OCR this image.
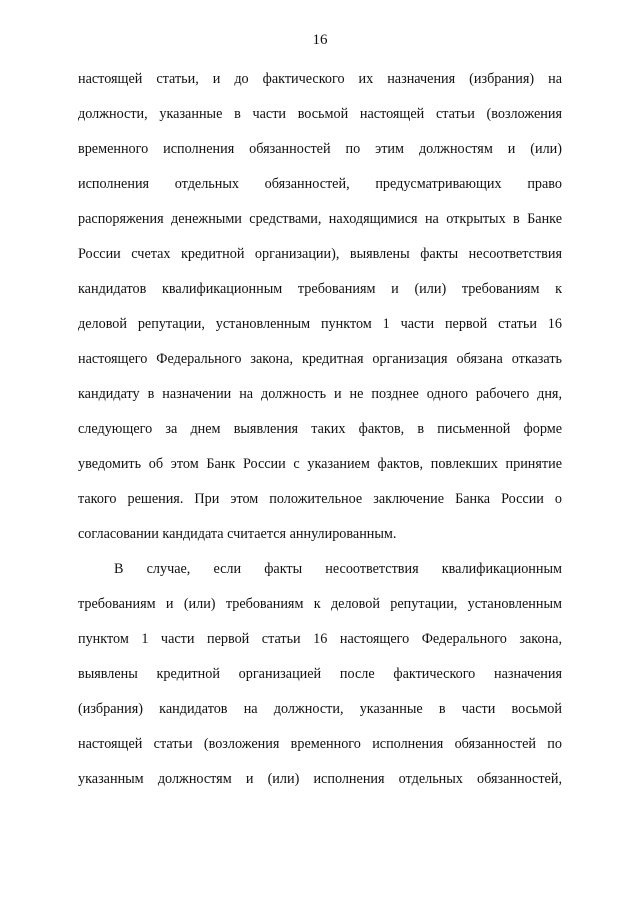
16
настоящей статьи, и до фактического их назначения (избрания) на
должности, указанные в части восьмой настоящей статьи (возложения
временного исполнения обязанностей по этим должностям и (или)
исполнения отдельных обязанностей, предусматривающих право
распоряжения денежными средствами, находящимися на открытых в Банке
России счетах кредитной организации), выявлены факты несоответствия
кандидатов квалификационным требованиям и (или) требованиям к
деловой репутации, установленным пунктом 1 части первой статьи 16
настоящего Федерального закона, кредитная организация обязана отказать
кандидату в назначении на должность и не позднее одного рабочего дня,
следующего за днем выявления таких фактов, в письменной форме
уведомить об этом Банк России с указанием фактов, повлекших принятие
такого решения. При этом положительное заключение Банка России о
согласовании кандидата считается аннулированным.
В случае, если факты несоответствия квалификационным
требованиям и (или) требованиям к деловой репутации, установленным
пунктом 1 части первой статьи 16 настоящего Федерального закона,
выявлены кредитной организацией после фактического назначения
(избрания) кандидатов на должности, указанные в части восьмой
настоящей статьи (возложения временного исполнения обязанностей по
указанным должностям и (или) исполнения отдельных обязанностей,
